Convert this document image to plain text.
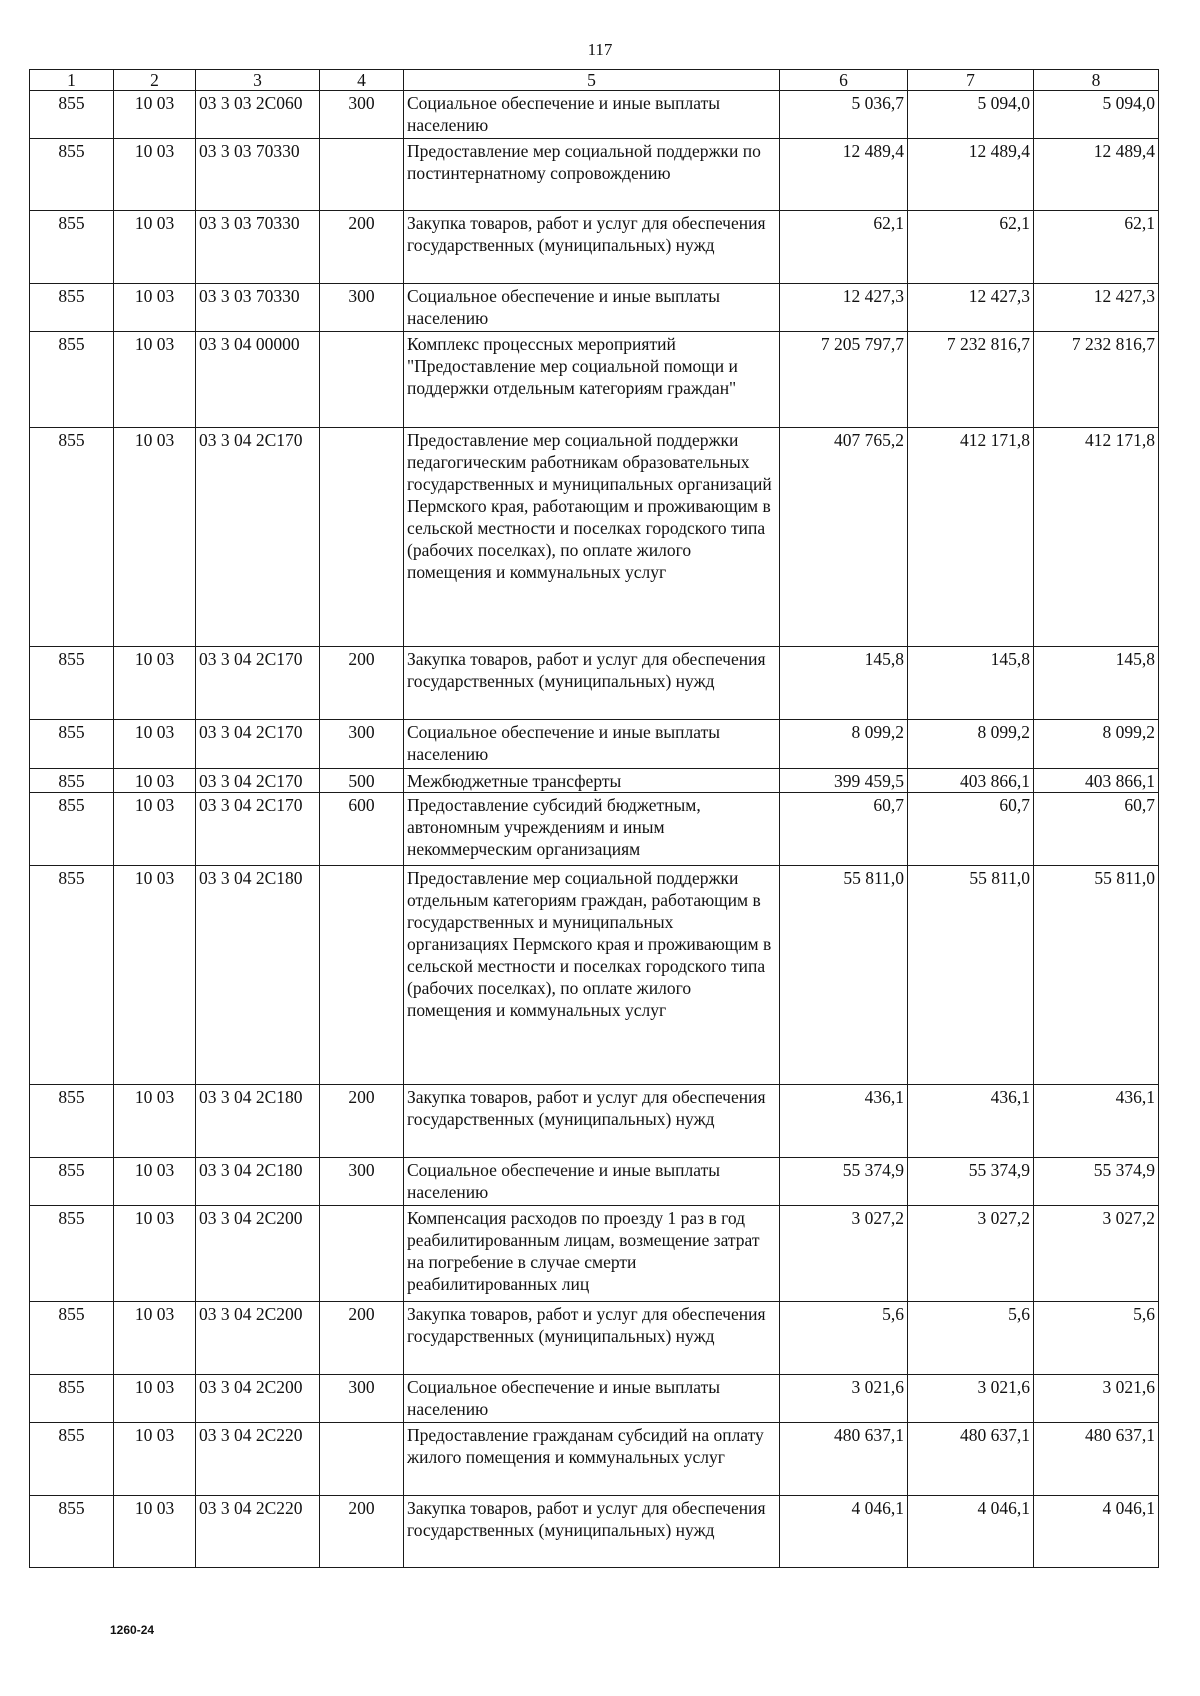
117
1	2	3	4	5	6	7	8
855	10 03	03 3 03 2С060	300	Социальное обеспечение и иные выплаты населению	5 036,7	5 094,0	5 094,0
855	10 03	03 3 03 70330		Предоставление мер социальной поддержки по постинтернатному сопровождению	12 489,4	12 489,4	12 489,4
855	10 03	03 3 03 70330	200	Закупка товаров, работ и услуг для обеспечения государственных (муниципальных) нужд	62,1	62,1	62,1
855	10 03	03 3 03 70330	300	Социальное обеспечение и иные выплаты населению	12 427,3	12 427,3	12 427,3
855	10 03	03 3 04 00000		Комплекс процессных мероприятий "Предоставление мер социальной помощи и поддержки отдельным категориям граждан"	7 205 797,7	7 232 816,7	7 232 816,7
855	10 03	03 3 04 2С170		Предоставление мер социальной поддержки педагогическим работникам образовательных государственных и муниципальных организаций Пермского края, работающим и проживающим в сельской местности и поселках городского типа (рабочих поселках), по оплате жилого помещения и коммунальных услуг	407 765,2	412 171,8	412 171,8
855	10 03	03 3 04 2С170	200	Закупка товаров, работ и услуг для обеспечения государственных (муниципальных) нужд	145,8	145,8	145,8
855	10 03	03 3 04 2С170	300	Социальное обеспечение и иные выплаты населению	8 099,2	8 099,2	8 099,2
855	10 03	03 3 04 2С170	500	Межбюджетные трансферты	399 459,5	403 866,1	403 866,1
855	10 03	03 3 04 2С170	600	Предоставление субсидий бюджетным, автономным учреждениям и иным некоммерческим организациям	60,7	60,7	60,7
855	10 03	03 3 04 2С180		Предоставление мер социальной поддержки отдельным категориям граждан, работающим в государственных и муниципальных организациях Пермского края и проживающим в сельской местности и поселках городского типа (рабочих поселках), по оплате жилого помещения и коммунальных услуг	55 811,0	55 811,0	55 811,0
855	10 03	03 3 04 2С180	200	Закупка товаров, работ и услуг для обеспечения государственных (муниципальных) нужд	436,1	436,1	436,1
855	10 03	03 3 04 2С180	300	Социальное обеспечение и иные выплаты населению	55 374,9	55 374,9	55 374,9
855	10 03	03 3 04 2С200		Компенсация расходов по проезду 1 раз в год реабилитированным лицам, возмещение затрат на погребение в случае смерти реабилитированных лиц	3 027,2	3 027,2	3 027,2
855	10 03	03 3 04 2С200	200	Закупка товаров, работ и услуг для обеспечения государственных (муниципальных) нужд	5,6	5,6	5,6
855	10 03	03 3 04 2С200	300	Социальное обеспечение и иные выплаты населению	3 021,6	3 021,6	3 021,6
855	10 03	03 3 04 2С220		Предоставление гражданам субсидий на оплату жилого помещения и коммунальных услуг	480 637,1	480 637,1	480 637,1
855	10 03	03 3 04 2С220	200	Закупка товаров, работ и услуг для обеспечения государственных (муниципальных) нужд	4 046,1	4 046,1	4 046,1
1260-24
